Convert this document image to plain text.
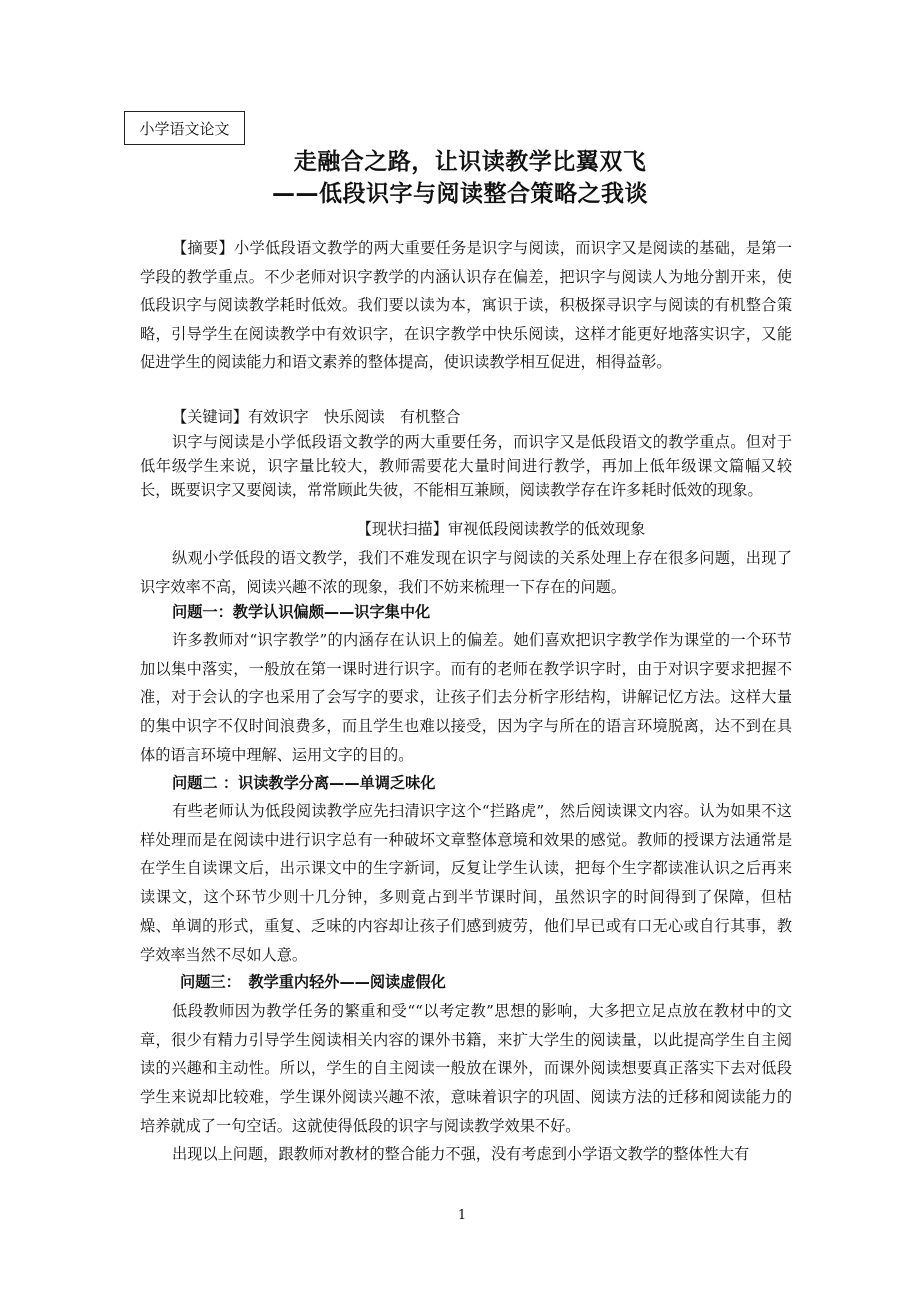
小学语文论文
走融合之路，让识读教学比翼双飞
——低段识字与阅读整合策略之我谈
【摘要】小学低段语文教学的两大重要任务是识字与阅读，而识字又是阅读的基础，是第一学段的教学重点。不少老师对识字教学的内涵认识存在偏差，把识字与阅读人为地分割开来，使低段识字与阅读教学耗时低效。我们要以读为本，寓识于读，积极探寻识字与阅读的有机整合策略，引导学生在阅读教学中有效识字，在识字教学中快乐阅读，这样才能更好地落实识字，又能促进学生的阅读能力和语文素养的整体提高，使识读教学相互促进，相得益彰。
【关键词】有效识字　快乐阅读　有机整合
识字与阅读是小学低段语文教学的两大重要任务，而识字又是低段语文的教学重点。但对于低年级学生来说，识字量比较大，教师需要花大量时间进行教学，再加上低年级课文篇幅又较长，既要识字又要阅读，常常顾此失彼，不能相互兼顾，阅读教学存在许多耗时低效的现象。
【现状扫描】审视低段阅读教学的低效现象
纵观小学低段的语文教学，我们不难发现在识字与阅读的关系处理上存在很多问题，出现了识字效率不高，阅读兴趣不浓的现象，我们不妨来梳理一下存在的问题。
问题一：教学认识偏颇——识字集中化
许多教师对“识字教学”的内涵存在认识上的偏差。她们喜欢把识字教学作为课堂的一个环节加以集中落实，一般放在第一课时进行识字。而有的老师在教学识字时，由于对识字要求把握不准，对于会认的字也采用了会写字的要求，让孩子们去分析字形结构，讲解记忆方法。这样大量的集中识字不仅时间浪费多，而且学生也难以接受，因为字与所在的语言环境脱离，达不到在具体的语言环境中理解、运用文字的目的。
问题二 ：识读教学分离——单调乏味化
有些老师认为低段阅读教学应先扫清识字这个“拦路虎”，然后阅读课文内容。认为如果不这样处理而是在阅读中进行识字总有一种破坏文章整体意境和效果的感觉。教师的授课方法通常是在学生自读课文后，出示课文中的生字新词，反复让学生认读，把每个生字都读准认识之后再来读课文，这个环节少则十几分钟，多则竟占到半节课时间，虽然识字的时间得到了保障，但枯燥、单调的形式，重复、乏味的内容却让孩子们感到疲劳，他们早已或有口无心或自行其事，教学效率当然不尽如人意。
问题三：　教学重内轻外——阅读虚假化
低段教师因为教学任务的繁重和受““以考定教”思想的影响，大多把立足点放在教材中的文章，很少有精力引导学生阅读相关内容的课外书籍，来扩大学生的阅读量，以此提高学生自主阅读的兴趣和主动性。所以，学生的自主阅读一般放在课外，而课外阅读想要真正落实下去对低段学生来说却比较难，学生课外阅读兴趣不浓，意味着识字的巩固、阅读方法的迁移和阅读能力的培养就成了一句空话。这就使得低段的识字与阅读教学效果不好。
出现以上问题，跟教师对教材的整合能力不强，没有考虑到小学语文教学的整体性大有
1
